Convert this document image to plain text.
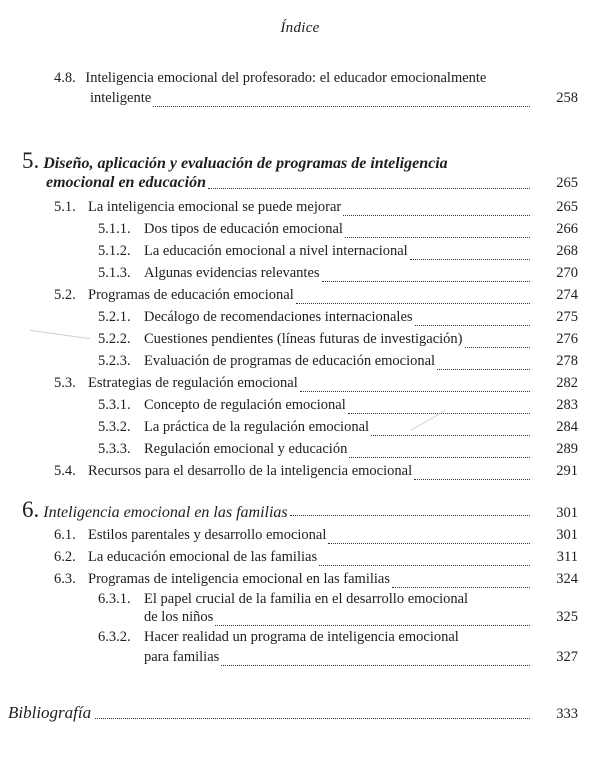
Índice
4.8. Inteligencia emocional del profesorado: el educador emocionalmente
inteligente	258
5. Diseño, aplicación y evaluación de programas de inteligencia
emocional en educación	265
5.1. La inteligencia emocional se puede mejorar	265
5.1.1. Dos tipos de educación emocional	266
5.1.2. La educación emocional a nivel internacional	268
5.1.3. Algunas evidencias relevantes	270
5.2. Programas de educación emocional	274
5.2.1. Decálogo de recomendaciones internacionales	275
5.2.2. Cuestiones pendientes (líneas futuras de investigación)	276
5.2.3. Evaluación de programas de educación emocional	278
5.3. Estrategias de regulación emocional	282
5.3.1. Concepto de regulación emocional	283
5.3.2. La práctica de la regulación emocional	284
5.3.3. Regulación emocional y educación	289
5.4. Recursos para el desarrollo de la inteligencia emocional	291
6. Inteligencia emocional en las familias	301
6.1. Estilos parentales y desarrollo emocional	301
6.2. La educación emocional de las familias	311
6.3. Programas de inteligencia emocional en las familias	324
6.3.1. El papel crucial de la familia en el desarrollo emocional
de los niños	325
6.3.2. Hacer realidad un programa de inteligencia emocional
para familias	327
Bibliografía	333
